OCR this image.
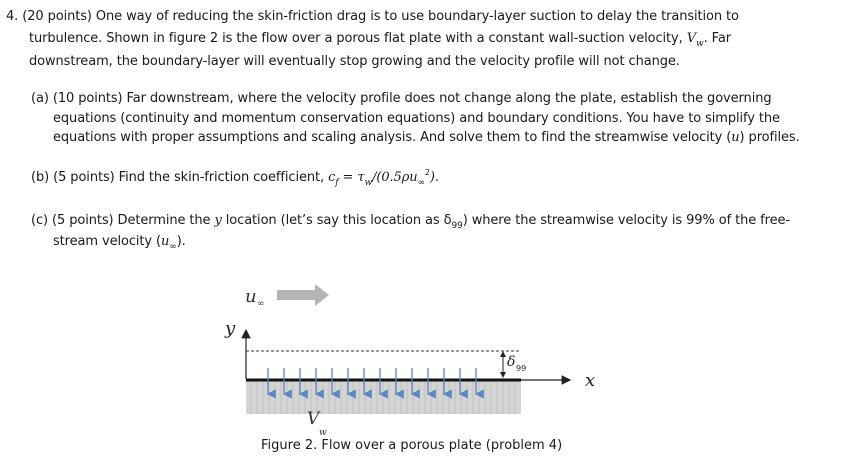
4. (20 points) One way of reducing the skin-friction drag is to use boundary-layer suction to delay the transition to
turbulence. Shown in figure 2 is the flow over a porous flat plate with a constant wall-suction velocity, $V_w$. Far
downstream, the boundary-layer will eventually stop growing and the velocity profile will not change.
(a) (10 points) Far downstream, where the velocity profile does not change along the plate, establish the governing
equations (continuity and momentum conservation equations) and boundary conditions. You have to simplify the
equations with proper assumptions and scaling analysis. And solve them to find the streamwise velocity (u) profiles.
(b) (5 points) Find the skin-friction coefficient, $c_f = \tau_w/(0.5\rho u_\infty^2)$.
(c) (5 points) Determine the y location (let’s say this location as $\delta_{99}$) where the streamwise velocity is 99% of the free-
stream velocity $(u_\infty)$.
u ∞
y
δ 99
x
V
w
Figure 2. Flow over a porous plate (problem 4)
